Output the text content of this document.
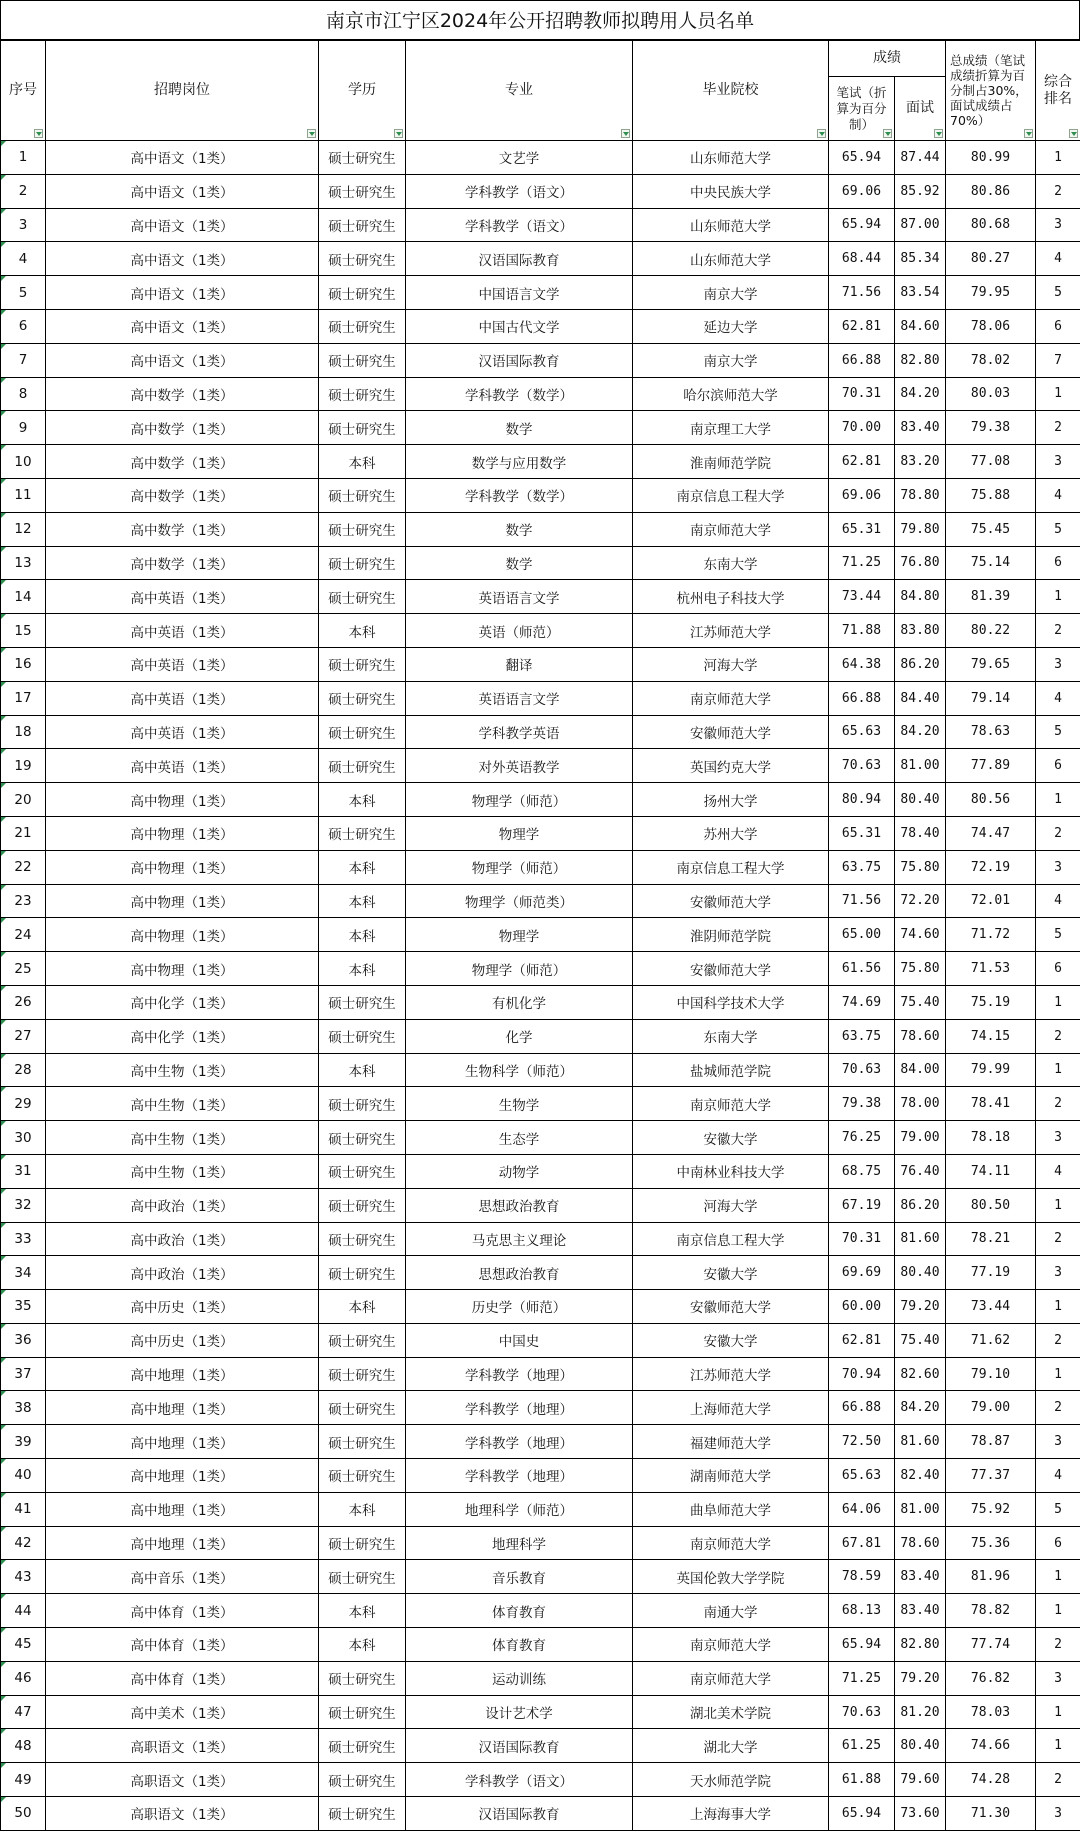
南京市江宁区2024年公开招聘教师拟聘用人员名单
序号	招聘岗位	学历	专业	毕业院校	成绩		总成绩（笔试成绩折算为百分制占30%，面试成绩占70%）	综合排名

					笔试（折算为百分制）	面试		

1	高中语文（1类）	硕士研究生	文艺学	山东师范大学	65.94	87.44	80.99	1
2	高中语文（1类）	硕士研究生	学科教学（语文）	中央民族大学	69.06	85.92	80.86	2
3	高中语文（1类）	硕士研究生	学科教学（语文）	山东师范大学	65.94	87.00	80.68	3
4	高中语文（1类）	硕士研究生	汉语国际教育	山东师范大学	68.44	85.34	80.27	4
5	高中语文（1类）	硕士研究生	中国语言文学	南京大学	71.56	83.54	79.95	5
6	高中语文（1类）	硕士研究生	中国古代文学	延边大学	62.81	84.60	78.06	6
7	高中语文（1类）	硕士研究生	汉语国际教育	南京大学	66.88	82.80	78.02	7
8	高中数学（1类）	硕士研究生	学科教学（数学）	哈尔滨师范大学	70.31	84.20	80.03	1
9	高中数学（1类）	硕士研究生	数学	南京理工大学	70.00	83.40	79.38	2
10	高中数学（1类）	本科	数学与应用数学	淮南师范学院	62.81	83.20	77.08	3
11	高中数学（1类）	硕士研究生	学科教学（数学）	南京信息工程大学	69.06	78.80	75.88	4
12	高中数学（1类）	硕士研究生	数学	南京师范大学	65.31	79.80	75.45	5
13	高中数学（1类）	硕士研究生	数学	东南大学	71.25	76.80	75.14	6
14	高中英语（1类）	硕士研究生	英语语言文学	杭州电子科技大学	73.44	84.80	81.39	1
15	高中英语（1类）	本科	英语（师范）	江苏师范大学	71.88	83.80	80.22	2
16	高中英语（1类）	硕士研究生	翻译	河海大学	64.38	86.20	79.65	3
17	高中英语（1类）	硕士研究生	英语语言文学	南京师范大学	66.88	84.40	79.14	4
18	高中英语（1类）	硕士研究生	学科教学英语	安徽师范大学	65.63	84.20	78.63	5
19	高中英语（1类）	硕士研究生	对外英语教学	英国约克大学	70.63	81.00	77.89	6
20	高中物理（1类）	本科	物理学（师范）	扬州大学	80.94	80.40	80.56	1
21	高中物理（1类）	硕士研究生	物理学	苏州大学	65.31	78.40	74.47	2
22	高中物理（1类）	本科	物理学（师范）	南京信息工程大学	63.75	75.80	72.19	3
23	高中物理（1类）	本科	物理学（师范类）	安徽师范大学	71.56	72.20	72.01	4
24	高中物理（1类）	本科	物理学	淮阴师范学院	65.00	74.60	71.72	5
25	高中物理（1类）	本科	物理学（师范）	安徽师范大学	61.56	75.80	71.53	6
26	高中化学（1类）	硕士研究生	有机化学	中国科学技术大学	74.69	75.40	75.19	1
27	高中化学（1类）	硕士研究生	化学	东南大学	63.75	78.60	74.15	2
28	高中生物（1类）	本科	生物科学（师范）	盐城师范学院	70.63	84.00	79.99	1
29	高中生物（1类）	硕士研究生	生物学	南京师范大学	79.38	78.00	78.41	2
30	高中生物（1类）	硕士研究生	生态学	安徽大学	76.25	79.00	78.18	3
31	高中生物（1类）	硕士研究生	动物学	中南林业科技大学	68.75	76.40	74.11	4
32	高中政治（1类）	硕士研究生	思想政治教育	河海大学	67.19	86.20	80.50	1
33	高中政治（1类）	硕士研究生	马克思主义理论	南京信息工程大学	70.31	81.60	78.21	2
34	高中政治（1类）	硕士研究生	思想政治教育	安徽大学	69.69	80.40	77.19	3
35	高中历史（1类）	本科	历史学（师范）	安徽师范大学	60.00	79.20	73.44	1
36	高中历史（1类）	硕士研究生	中国史	安徽大学	62.81	75.40	71.62	2
37	高中地理（1类）	硕士研究生	学科教学（地理）	江苏师范大学	70.94	82.60	79.10	1
38	高中地理（1类）	硕士研究生	学科教学（地理）	上海师范大学	66.88	84.20	79.00	2
39	高中地理（1类）	硕士研究生	学科教学（地理）	福建师范大学	72.50	81.60	78.87	3
40	高中地理（1类）	硕士研究生	学科教学（地理）	湖南师范大学	65.63	82.40	77.37	4
41	高中地理（1类）	本科	地理科学（师范）	曲阜师范大学	64.06	81.00	75.92	5
42	高中地理（1类）	硕士研究生	地理科学	南京师范大学	67.81	78.60	75.36	6
43	高中音乐（1类）	硕士研究生	音乐教育	英国伦敦大学学院	78.59	83.40	81.96	1
44	高中体育（1类）	本科	体育教育	南通大学	68.13	83.40	78.82	1
45	高中体育（1类）	本科	体育教育	南京师范大学	65.94	82.80	77.74	2
46	高中体育（1类）	硕士研究生	运动训练	南京师范大学	71.25	79.20	76.82	3
47	高中美术（1类）	硕士研究生	设计艺术学	湖北美术学院	70.63	81.20	78.03	1
48	高职语文（1类）	硕士研究生	汉语国际教育	湖北大学	61.25	80.40	74.66	1
49	高职语文（1类）	硕士研究生	学科教学（语文）	天水师范学院	61.88	79.60	74.28	2
50	高职语文（1类）	硕士研究生	汉语国际教育	上海海事大学	65.94	73.60	71.30	3
